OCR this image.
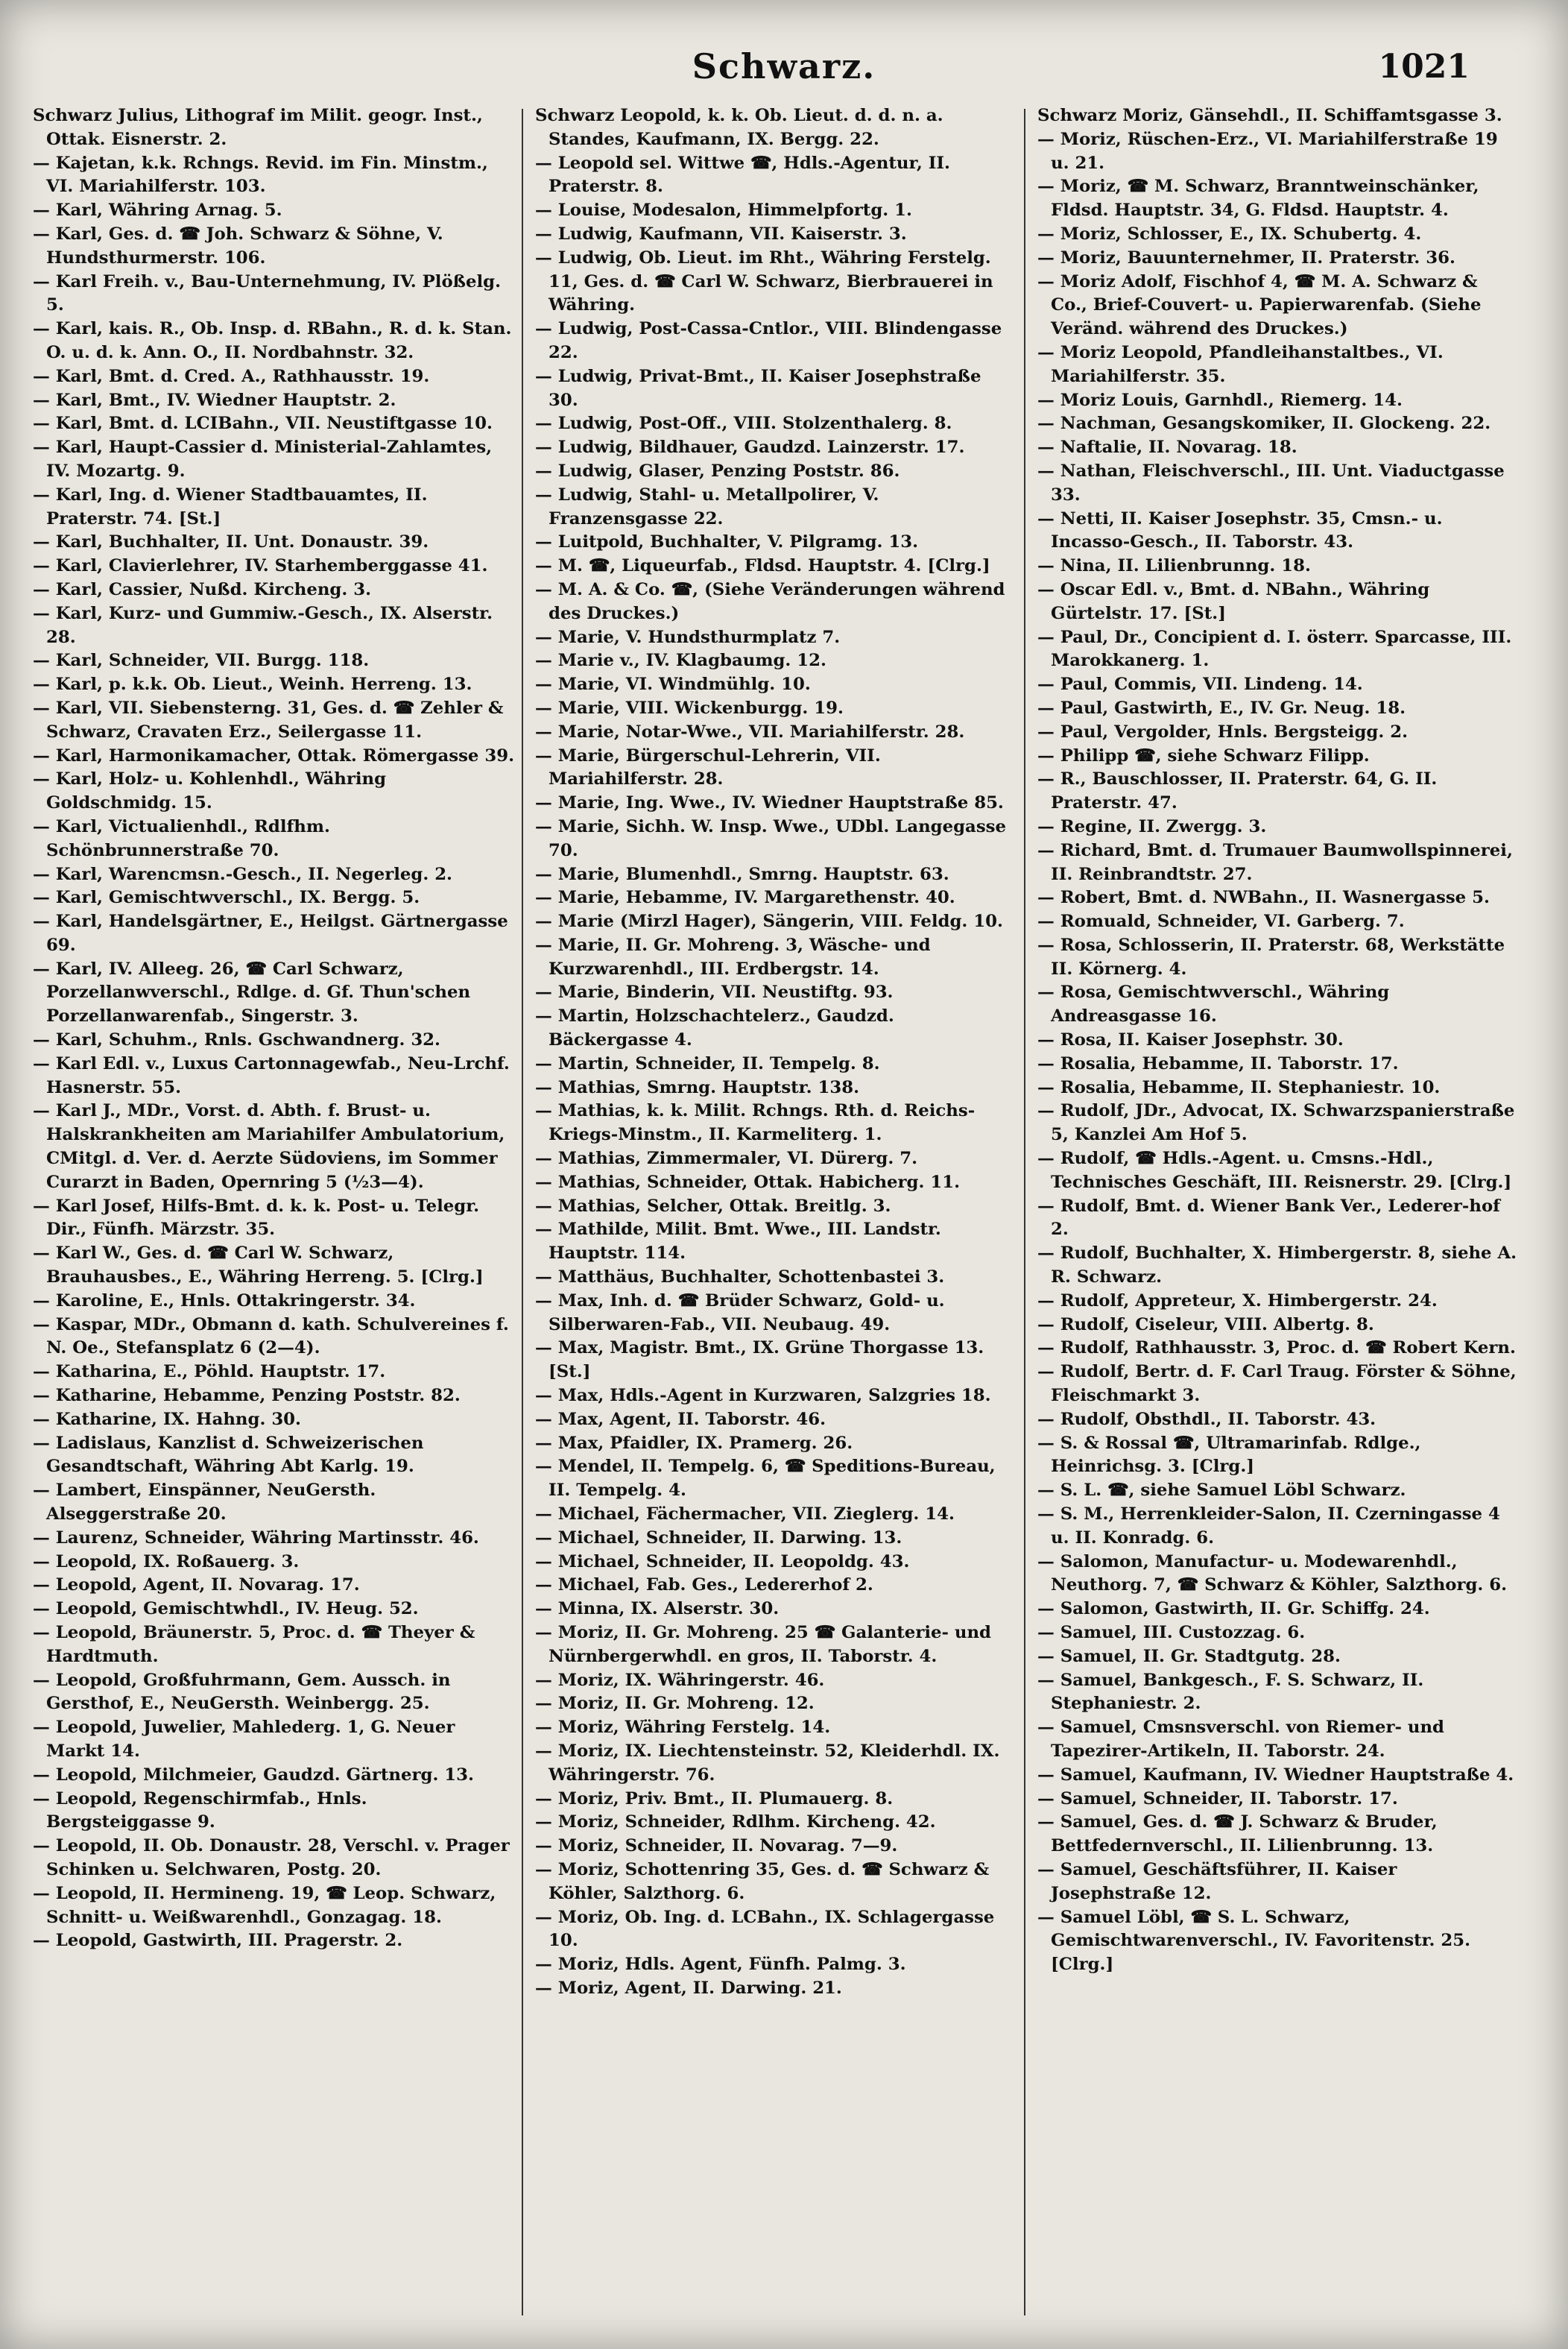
Schwarz.	1021
Schwarz Julius, Lithograf im Milit. geogr. Inst., Ottak. Eisnerstr. 2.
— Kajetan, k.k. Rchngs. Revid. im Fin. Minstm., VI. Mariahilferstr. 103.
— Karl, Währing Arnag. 5.
— Karl, Ges. d. ☎ Joh. Schwarz & Söhne, V. Hundsthurmerstr. 106.
— Karl Freih. v., Bau-Unternehmung, IV. Plößelg. 5.
— Karl, kais. R., Ob. Insp. d. RBahn., R. d. k. Stan. O. u. d. k. Ann. O., II. Nordbahnstr. 32.
— Karl, Bmt. d. Cred. A., Rathhausstr. 19.
— Karl, Bmt., IV. Wiedner Hauptstr. 2.
— Karl, Bmt. d. LCIBahn., VII. Neustiftgasse 10.
— Karl, Haupt-Cassier d. Ministerial-Zahlamtes, IV. Mozartg. 9.
— Karl, Ing. d. Wiener Stadtbauamtes, II. Praterstr. 74. [St.]
— Karl, Buchhalter, II. Unt. Donaustr. 39.
— Karl, Clavierlehrer, IV. Starhemberggasse 41.
— Karl, Cassier, Nußd. Kircheng. 3.
— Karl, Kurz- und Gummiw.-Gesch., IX. Alserstr. 28.
— Karl, Schneider, VII. Burgg. 118.
— Karl, p. k.k. Ob. Lieut., Weinh. Herreng. 13.
— Karl, VII. Siebensterng. 31, Ges. d. ☎ Zehler & Schwarz, Cravaten Erz., Seilergasse 11.
— Karl, Harmonikamacher, Ottak. Römergasse 39.
— Karl, Holz- u. Kohlenhdl., Währing Goldschmidg. 15.
— Karl, Victualienhdl., Rdlfhm. Schönbrunnerstraße 70.
— Karl, Warencmsn.-Gesch., II. Negerleg. 2.
— Karl, Gemischtwverschl., IX. Bergg. 5.
— Karl, Handelsgärtner, E., Heilgst. Gärtnergasse 69.
— Karl, IV. Alleeg. 26, ☎ Carl Schwarz, Porzellanwverschl., Rdlge. d. Gf. Thun'schen Porzellanwarenfab., Singerstr. 3.
— Karl, Schuhm., Rnls. Gschwandnerg. 32.
— Karl Edl. v., Luxus Cartonnagewfab., Neu-Lrchf. Hasnerstr. 55.
— Karl J., MDr., Vorst. d. Abth. f. Brust- u. Halskrankheiten am Mariahilfer Ambulatorium, CMitgl. d. Ver. d. Aerzte Südoviens, im Sommer Curarzt in Baden, Opernring 5 (½3—4).
— Karl Josef, Hilfs-Bmt. d. k. k. Post- u. Telegr. Dir., Fünfh. Märzstr. 35.
— Karl W., Ges. d. ☎ Carl W. Schwarz, Brauhausbes., E., Währing Herreng. 5. [Clrg.]
— Karoline, E., Hnls. Ottakringerstr. 34.
— Kaspar, MDr., Obmann d. kath. Schulvereines f. N. Oe., Stefansplatz 6 (2—4).
— Katharina, E., Pöhld. Hauptstr. 17.
— Katharine, Hebamme, Penzing Poststr. 82.
— Katharine, IX. Hahng. 30.
— Ladislaus, Kanzlist d. Schweizerischen Gesandtschaft, Währing Abt Karlg. 19.
— Lambert, Einspänner, NeuGersth. Alseggerstraße 20.
— Laurenz, Schneider, Währing Martinsstr. 46.
— Leopold, IX. Roßauerg. 3.
— Leopold, Agent, II. Novarag. 17.
— Leopold, Gemischtwhdl., IV. Heug. 52.
— Leopold, Bräunerstr. 5, Proc. d. ☎ Theyer & Hardtmuth.
— Leopold, Großfuhrmann, Gem. Aussch. in Gersthof, E., NeuGersth. Weinbergg. 25.
— Leopold, Juwelier, Mahlederg. 1, G. Neuer Markt 14.
— Leopold, Milchmeier, Gaudzd. Gärtnerg. 13.
— Leopold, Regenschirmfab., Hnls. Bergsteiggasse 9.
— Leopold, II. Ob. Donaustr. 28, Verschl. v. Prager Schinken u. Selchwaren, Postg. 20.
— Leopold, II. Hermineng. 19, ☎ Leop. Schwarz, Schnitt- u. Weißwarenhdl., Gonzagag. 18.
— Leopold, Gastwirth, III. Pragerstr. 2.
Schwarz Leopold, k. k. Ob. Lieut. d. d. n. a. Standes, Kaufmann, IX. Bergg. 22.
— Leopold sel. Wittwe ☎, Hdls.-Agentur, II. Praterstr. 8.
— Louise, Modesalon, Himmelpfortg. 1.
— Ludwig, Kaufmann, VII. Kaiserstr. 3.
— Ludwig, Ob. Lieut. im Rht., Währing Ferstelg. 11, Ges. d. ☎ Carl W. Schwarz, Bierbrauerei in Währing.
— Ludwig, Post-Cassa-Cntlor., VIII. Blindengasse 22.
— Ludwig, Privat-Bmt., II. Kaiser Josephstraße 30.
— Ludwig, Post-Off., VIII. Stolzenthalerg. 8.
— Ludwig, Bildhauer, Gaudzd. Lainzerstr. 17.
— Ludwig, Glaser, Penzing Poststr. 86.
— Ludwig, Stahl- u. Metallpolirer, V. Franzensgasse 22.
— Luitpold, Buchhalter, V. Pilgramg. 13.
— M. ☎, Liqueurfab., Fldsd. Hauptstr. 4. [Clrg.]
— M. A. & Co. ☎, (Siehe Veränderungen während des Druckes.)
— Marie, V. Hundsthurmplatz 7.
— Marie v., IV. Klagbaumg. 12.
— Marie, VI. Windmühlg. 10.
— Marie, VIII. Wickenburgg. 19.
— Marie, Notar-Wwe., VII. Mariahilferstr. 28.
— Marie, Bürgerschul-Lehrerin, VII. Mariahilferstr. 28.
— Marie, Ing. Wwe., IV. Wiedner Hauptstraße 85.
— Marie, Sichh. W. Insp. Wwe., UDbl. Langegasse 70.
— Marie, Blumenhdl., Smrng. Hauptstr. 63.
— Marie, Hebamme, IV. Margarethenstr. 40.
— Marie (Mirzl Hager), Sängerin, VIII. Feldg. 10.
— Marie, II. Gr. Mohreng. 3, Wäsche- und Kurzwarenhdl., III. Erdbergstr. 14.
— Marie, Binderin, VII. Neustiftg. 93.
— Martin, Holzschachtelerz., Gaudzd. Bäckergasse 4.
— Martin, Schneider, II. Tempelg. 8.
— Mathias, Smrng. Hauptstr. 138.
— Mathias, k. k. Milit. Rchngs. Rth. d. Reichs-Kriegs-Minstm., II. Karmeliterg. 1.
— Mathias, Zimmermaler, VI. Dürerg. 7.
— Mathias, Schneider, Ottak. Habicherg. 11.
— Mathias, Selcher, Ottak. Breitlg. 3.
— Mathilde, Milit. Bmt. Wwe., III. Landstr. Hauptstr. 114.
— Matthäus, Buchhalter, Schottenbastei 3.
— Max, Inh. d. ☎ Brüder Schwarz, Gold- u. Silberwaren-Fab., VII. Neubaug. 49.
— Max, Magistr. Bmt., IX. Grüne Thorgasse 13. [St.]
— Max, Hdls.-Agent in Kurzwaren, Salzgries 18.
— Max, Agent, II. Taborstr. 46.
— Max, Pfaidler, IX. Pramerg. 26.
— Mendel, II. Tempelg. 6, ☎ Speditions-Bureau, II. Tempelg. 4.
— Michael, Fächermacher, VII. Zieglerg. 14.
— Michael, Schneider, II. Darwing. 13.
— Michael, Schneider, II. Leopoldg. 43.
— Michael, Fab. Ges., Ledererhof 2.
— Minna, IX. Alserstr. 30.
— Moriz, II. Gr. Mohreng. 25 ☎ Galanterie- und Nürnbergerwhdl. en gros, II. Taborstr. 4.
— Moriz, IX. Währingerstr. 46.
— Moriz, II. Gr. Mohreng. 12.
— Moriz, Währing Ferstelg. 14.
— Moriz, IX. Liechtensteinstr. 52, Kleiderhdl. IX. Währingerstr. 76.
— Moriz, Priv. Bmt., II. Plumauerg. 8.
— Moriz, Schneider, Rdlhm. Kircheng. 42.
— Moriz, Schneider, II. Novarag. 7—9.
— Moriz, Schottenring 35, Ges. d. ☎ Schwarz & Köhler, Salzthorg. 6.
— Moriz, Ob. Ing. d. LCBahn., IX. Schlagergasse 10.
— Moriz, Hdls. Agent, Fünfh. Palmg. 3.
— Moriz, Agent, II. Darwing. 21.
Schwarz Moriz, Gänsehdl., II. Schiffamtsgasse 3.
— Moriz, Rüschen-Erz., VI. Mariahilferstraße 19 u. 21.
— Moriz, ☎ M. Schwarz, Branntweinschänker, Fldsd. Hauptstr. 34, G. Fldsd. Hauptstr. 4.
— Moriz, Schlosser, E., IX. Schubertg. 4.
— Moriz, Bauunternehmer, II. Praterstr. 36.
— Moriz Adolf, Fischhof 4, ☎ M. A. Schwarz & Co., Brief-Couvert- u. Papierwarenfab. (Siehe Veränd. während des Druckes.)
— Moriz Leopold, Pfandleihanstaltbes., VI. Mariahilferstr. 35.
— Moriz Louis, Garnhdl., Riemerg. 14.
— Nachman, Gesangskomiker, II. Glockeng. 22.
— Naftalie, II. Novarag. 18.
— Nathan, Fleischverschl., III. Unt. Viaductgasse 33.
— Netti, II. Kaiser Josephstr. 35, Cmsn.- u. Incasso-Gesch., II. Taborstr. 43.
— Nina, II. Lilienbrunng. 18.
— Oscar Edl. v., Bmt. d. NBahn., Währing Gürtelstr. 17. [St.]
— Paul, Dr., Concipient d. I. österr. Sparcasse, III. Marokkanerg. 1.
— Paul, Commis, VII. Lindeng. 14.
— Paul, Gastwirth, E., IV. Gr. Neug. 18.
— Paul, Vergolder, Hnls. Bergsteigg. 2.
— Philipp ☎, siehe Schwarz Filipp.
— R., Bauschlosser, II. Praterstr. 64, G. II. Praterstr. 47.
— Regine, II. Zwergg. 3.
— Richard, Bmt. d. Trumauer Baumwollspinnerei, II. Reinbrandtstr. 27.
— Robert, Bmt. d. NWBahn., II. Wasnergasse 5.
— Romuald, Schneider, VI. Garberg. 7.
— Rosa, Schlosserin, II. Praterstr. 68, Werkstätte II. Körnerg. 4.
— Rosa, Gemischtwverschl., Währing Andreasgasse 16.
— Rosa, II. Kaiser Josephstr. 30.
— Rosalia, Hebamme, II. Taborstr. 17.
— Rosalia, Hebamme, II. Stephaniestr. 10.
— Rudolf, JDr., Advocat, IX. Schwarzspanierstraße 5, Kanzlei Am Hof 5.
— Rudolf, ☎ Hdls.-Agent. u. Cmsns.-Hdl., Technisches Geschäft, III. Reisnerstr. 29. [Clrg.]
— Rudolf, Bmt. d. Wiener Bank Ver., Lederer-hof 2.
— Rudolf, Buchhalter, X. Himbergerstr. 8, siehe A. R. Schwarz.
— Rudolf, Appreteur, X. Himbergerstr. 24.
— Rudolf, Ciseleur, VIII. Albertg. 8.
— Rudolf, Rathhausstr. 3, Proc. d. ☎ Robert Kern.
— Rudolf, Bertr. d. F. Carl Traug. Förster & Söhne, Fleischmarkt 3.
— Rudolf, Obsthdl., II. Taborstr. 43.
— S. & Rossal ☎, Ultramarinfab. Rdlge., Heinrichsg. 3. [Clrg.]
— S. L. ☎, siehe Samuel Löbl Schwarz.
— S. M., Herrenkleider-Salon, II. Czerningasse 4 u. II. Konradg. 6.
— Salomon, Manufactur- u. Modewarenhdl., Neuthorg. 7, ☎ Schwarz & Köhler, Salzthorg. 6.
— Salomon, Gastwirth, II. Gr. Schiffg. 24.
— Samuel, III. Custozzag. 6.
— Samuel, II. Gr. Stadtgutg. 28.
— Samuel, Bankgesch., F. S. Schwarz, II. Stephaniestr. 2.
— Samuel, Cmsnsverschl. von Riemer- und Tapezirer-Artikeln, II. Taborstr. 24.
— Samuel, Kaufmann, IV. Wiedner Hauptstraße 4.
— Samuel, Schneider, II. Taborstr. 17.
— Samuel, Ges. d. ☎ J. Schwarz & Bruder, Bettfedernverschl., II. Lilienbrunng. 13.
— Samuel, Geschäftsführer, II. Kaiser Josephstraße 12.
— Samuel Löbl, ☎ S. L. Schwarz, Gemischtwarenverschl., IV. Favoritenstr. 25. [Clrg.]
